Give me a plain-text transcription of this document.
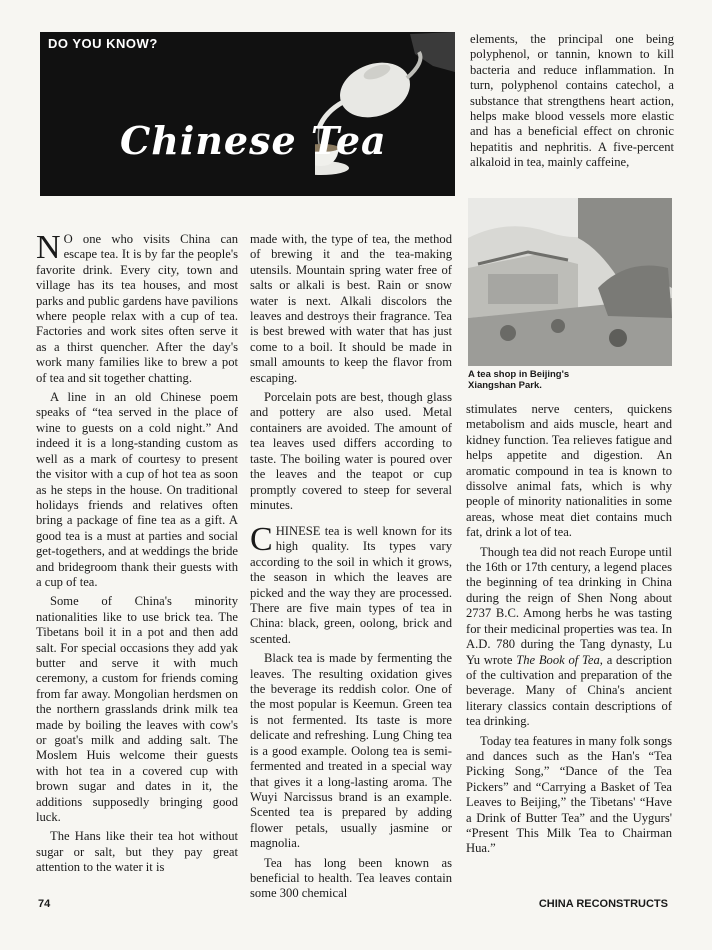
DO YOU KNOW?
Chinese Tea

elements, the principal one being polyphenol, or tannin, known to kill bacteria and reduce inflammation. In turn, polyphenol contains catechol, a substance that strengthens heart action, helps make blood vessels more elastic and has a beneficial effect on chronic hepatitis and nephritis. A five-percent alkaloid in tea, mainly caffeine,

A tea shop in Beijing's Xiangshan Park.

N O one who visits China can escape tea. It is by far the people's favorite drink. Every city, town and village has its tea houses, and most parks and public gardens have pavilions where people relax with a cup of tea. Factories and work sites often serve it as a thirst quencher. After the day's work many families like to brew a pot of tea and sit together chatting.

A line in an old Chinese poem speaks of “tea served in the place of wine to guests on a cold night.” And indeed it is a long-standing custom as well as a mark of courtesy to present the visitor with a cup of hot tea as soon as he steps in the house. On traditional holidays friends and relatives often bring a package of fine tea as a gift. A good tea is a must at parties and social get-togethers, and at weddings the bride and bridegroom thank their guests with a cup of tea.

Some of China's minority nationalities like to use brick tea. The Tibetans boil it in a pot and then add salt. For special occasions they add yak butter and serve it with much ceremony, a custom for friends coming from far away. Mongolian herdsmen on the northern grasslands drink milk tea made by boiling the leaves with cow's or goat's milk and adding salt. The Moslem Huis welcome their guests with hot tea in a covered cup with brown sugar and dates in it, the additions supposedly bringing good luck.

The Hans like their tea hot without sugar or salt, but they pay great attention to the water it is

made with, the type of tea, the method of brewing it and the tea-making utensils. Mountain spring water free of salts or alkali is best. Rain or snow water is next. Alkali discolors the leaves and destroys their fragrance. Tea is best brewed with water that has just come to a boil. It should be made in small amounts to keep the flavor from escaping.

Porcelain pots are best, though glass and pottery are also used. Metal containers are avoided. The amount of tea leaves used differs according to taste. The boiling water is poured over the leaves and the teapot or cup promptly covered to steep for several minutes.

CHINESE tea is well known for its high quality. Its types vary according to the soil in which it grows, the season in which the leaves are picked and the way they are processed. There are five main types of tea in China: black, green, oolong, brick and scented.

Black tea is made by fermenting the leaves. The resulting oxidation gives the beverage its reddish color. One of the most popular is Keemun. Green tea is not fermented. Its taste is more delicate and refreshing. Lung Ching tea is a good example. Oolong tea is semi-fermented and treated in a special way that gives it a long-lasting aroma. The Wuyi Narcissus brand is an example. Scented tea is prepared by adding flower petals, usually jasmine or magnolia.

Tea has long been known as beneficial to health. Tea leaves contain some 300 chemical

stimulates nerve centers, quickens metabolism and aids muscle, heart and kidney function. Tea relieves fatigue and helps appetite and digestion. An aromatic compound in tea is known to dissolve animal fats, which is why people of minority nationalities in some areas, whose meat diet contains much fat, drink a lot of tea.

Though tea did not reach Europe until the 16th or 17th century, a legend places the beginning of tea drinking in China during the reign of Shen Nong about 2737 B.C. Among herbs he was tasting for their medicinal properties was tea. In A.D. 780 during the Tang dynasty, Lu Yu wrote The Book of Tea, a description of the cultivation and preparation of the beverage. Many of China's ancient literary classics contain descriptions of tea drinking.

Today tea features in many folk songs and dances such as the Han's “Tea Picking Song,” “Dance of the Tea Pickers” and “Carrying a Basket of Tea Leaves to Beijing,” the Tibetans' “Have a Drink of Butter Tea” and the Uygurs' “Present This Milk Tea to Chairman Hua.”

74	CHINA RECONSTRUCTS
